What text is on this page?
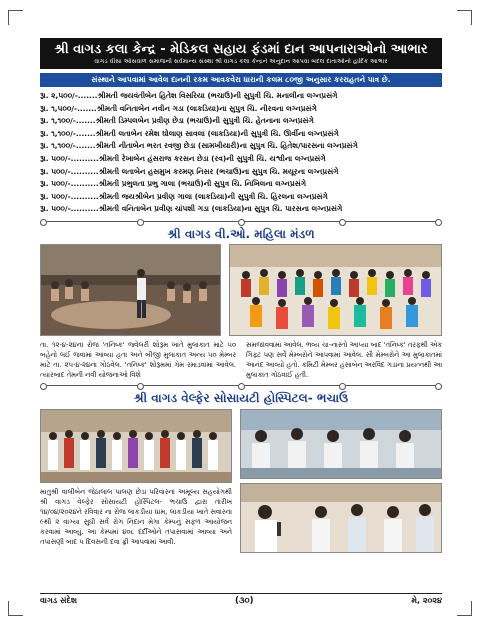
શ્રી વાગડ કલા કેન્દ્ર - મેડિકલ સહાય ફંડમાં દાન આપનારાઓનો આભાર
વાગડ વીસા ઓસવાળ સમાજની સર્વમાન્ય સંસ્થા શ્રી વાગડ કલા કેન્દ્રને અનુદાન આપવા બદલ દાતાઓનો હાર્દિક આભાર
સંસ્થાને આપવામાં આવેલ દાનની રકમ આવકવેરા ધારાની કલમ ૮૦જી અનુસાર કરરાહતને પાત્ર છે.
રૂા. ૨,૫૦૦/-.......શ્રીમતી જયવંતીબેન હિતેશ વિસરિયા (ભચાઉ)ની સુપુત્રી ચિ. મનાલીના લગ્નપ્રસંગે
રૂા. ૧,૫૦૦/-.......શ્રીમતી વનિતાબેન નવીન ગડા (લાકડિયા)ના સુપુત્ર ચિ. નીરવના લગ્નપ્રસંગે
રૂા. ૧,૧૦૦/-.......શ્રીમતી ડિમ્પલબેન પ્રવીણ છેડા (ભચાઉ)ની સુપુત્રી ચિ. હેતનાના લગ્નપ્રસંગે
રૂા. ૧,૧૦૦/-.......શ્રીમતી લતાબેન રમેશ ઘોલાણ સાવલા (લાકડિયા)ની સુપુત્રી ચિ. ઊર્વીના લગ્નપ્રસંગે
રૂા. ૧,૧૦૦/-.......શ્રીમતી નીતાબેન ભરત રવજી છેડા (સામખીયારી)ના સુપુત્ર ચિ. હિતેશ/પારસના લગ્નપ્રસંગે
રૂા. ૫૦૦/-..........શ્રીમતી રેખાબેન હંસરાજ કરસન છેડા (રવ)ની સુપુત્રી ચિ. યશ્વીના લગ્નપ્રસંગે
રૂા. ૫૦૦/-..........શ્રીમતી લતાબેન હસમુખ કરમણ નિસર (ભચાઉ)ના સુપુત્ર ચિ. મયૂરના લગ્નપ્રસંગે
રૂા. ૫૦૦/-..........શ્રીમતી પ્રભુલતા પ્રભુ ગાલા (ભચાઉ)ની સુપુત્ર ચિ. નિખિલના લગ્નપ્રસંગે
રૂા. ૫૦૦/-..........શ્રીમતી જયશ્રીબેન પ્રવીણ ગાલા (લાકડિયા)ની સુપુત્રી ચિ. હિરલના લગ્નપ્રસંગે
રૂા. ૫૦૦/-..........શ્રીમતી વનિતાબેન પ્રવીણ ચાંપશી ગડા (લાકડિયા)ના સુપુત્ર ચિ. પારસના લગ્નપ્રસંગે
શ્રી વાગડ વી.ઓ. મહિલા મંડળ
તા. ૧૨-૪-૨૪ના રોજ 'તનિષ્ક' જ્વેલરી શોરૂમ ખાતે મુલાકાત માટે ૫૦ બહેનો લઈ જવામાં આવ્યા હતા અને બીજી મુલાકાત અન્ય ૫૦ મેમ્બર માટે તા. ૨૫-૪-૨૪ના ગોઠવેલ. 'તનિષ્ક' શોરૂમમાં ગેમ રમાડવામાં આવેલ. ત્યારબાદ તેમની નવી યોજનાઓ વિશે
સમજાવવામાં આવેલ. ભવ્ય ચા-નાસ્તો આપ્યા બાદ 'તનિષ્ક' તરફથી એક ગિફ્ટ પણ સર્વે મેમ્બરોને આપવામાં આવેલ. સૌ મેમ્બરોને આ મુલાકાતમાં આનંદ આવ્યો હતો. કમિટી મેમ્બર હંસાબેન અરવિંદ ગડાના પ્રયત્નથી આ મુલાકાત ગોઠવાઈ હતી.
શ્રી વાગડ વેલ્ફેર સોસાયટી હોસ્પિટલ- ભચાઉ
માતુશ્રી વાલીબેન જેઠાલાલ પાલણ છેડા પરિવારના અમૂલ્ય સહયોગથી શ્રી વાગડ વેલ્ફેર સોસાયટી હોસ્પિટલ- ભચાઉ દ્વારા તારીખ ૧૪/૦૪/૨૦૨૪ને રવિવાર ના રોજ લાકડીયા ધામ, લાકડીયા ખાતે સવારના ૯થી ૨ વાગ્યા સુધી સર્વ રોગ નિદાન મેગા કેમ્પનું સફળ આયોજન કરવામાં આવ્યું. આ કેમ્પમાં ૪૦૮ દર્દીઓને તપાસવામાં આવ્યા અને તપાસણી બાદ ૫ દિવસની દવા ફ્રી આપવામાં આવી.
વાગડ સંદેશ	(૩૦)	મે, ૨૦૨૪
